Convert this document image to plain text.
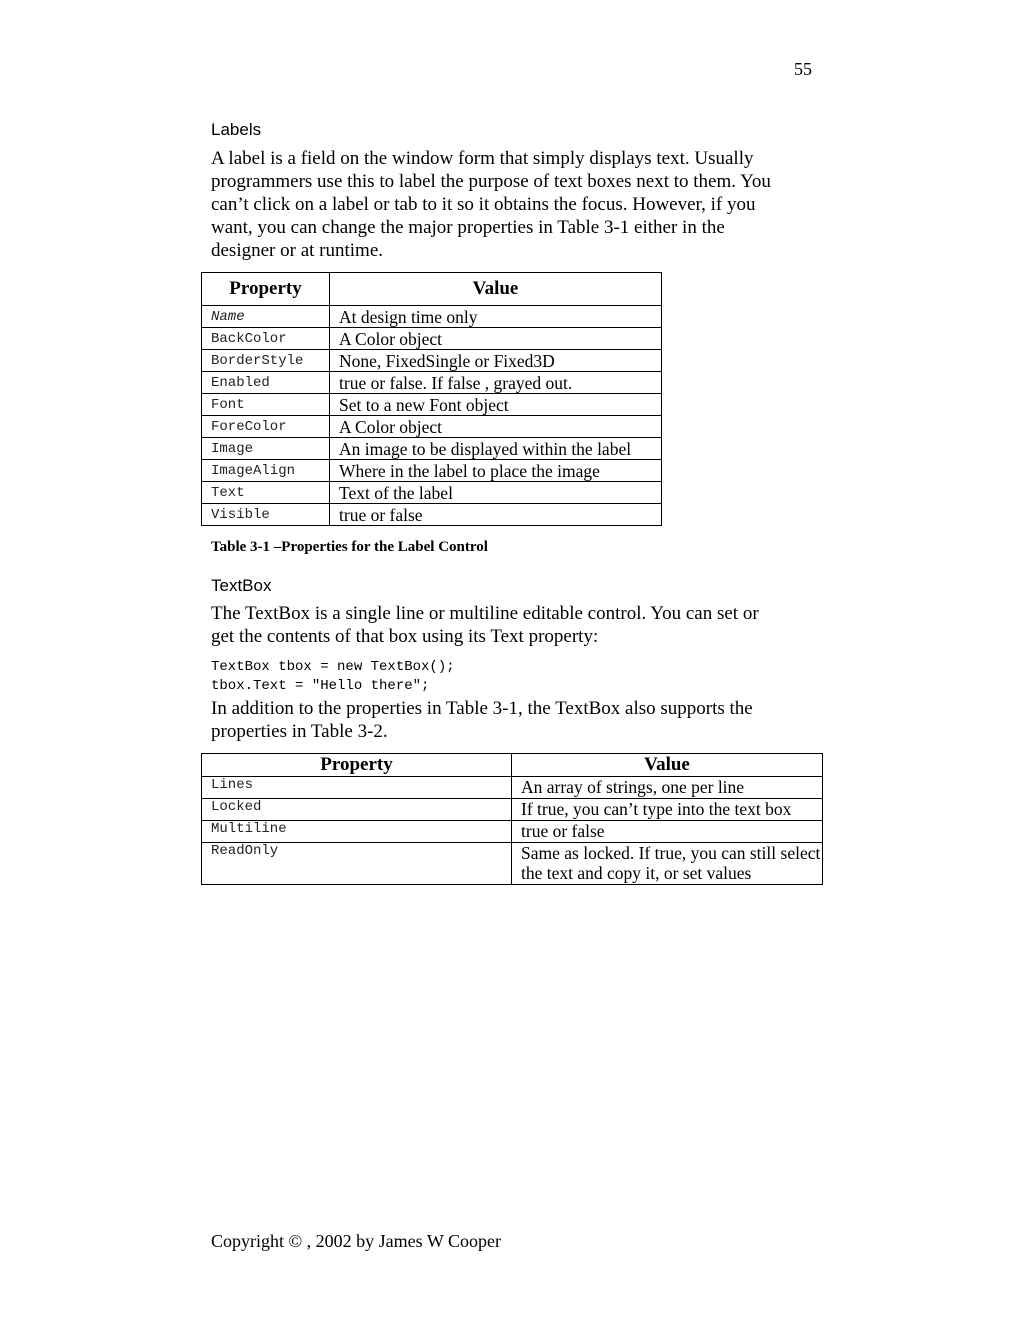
55
Labels

A label is a field on the window form that simply displays text. Usually
programmers use this to label the purpose of text boxes next to them. You
can’t click on a label or tab to it so it obtains the focus. However, if you
want, you can change the major properties in Table 3-1 either in the
designer or at runtime.

Property	Value
Name	At design time only
BackColor	A Color object
BorderStyle	None, FixedSingle or Fixed3D
Enabled	true or false. If false , grayed out.
Font	Set to a new Font object
ForeColor	A Color object
Image	An image to be displayed within the label
ImageAlign	Where in the label to place the image
Text	Text of the label
Visible	true or false
Table 3-1 –Properties for the Label Control
TextBox

The TextBox is a single line or multiline editable control. You can set or
get the contents of that box using its Text property:

TextBox tbox = new TextBox();
tbox.Text = "Hello there";

In addition to the properties in Table 3-1, the TextBox also supports the
properties in Table 3-2.

Property	Value
Lines	An array of strings, one per line
Locked	If true, you can’t type into the text box
Multiline	true or false
ReadOnly	Same as locked. If true, you can still select the text and copy it, or set values
Copyright © , 2002 by James W Cooper
